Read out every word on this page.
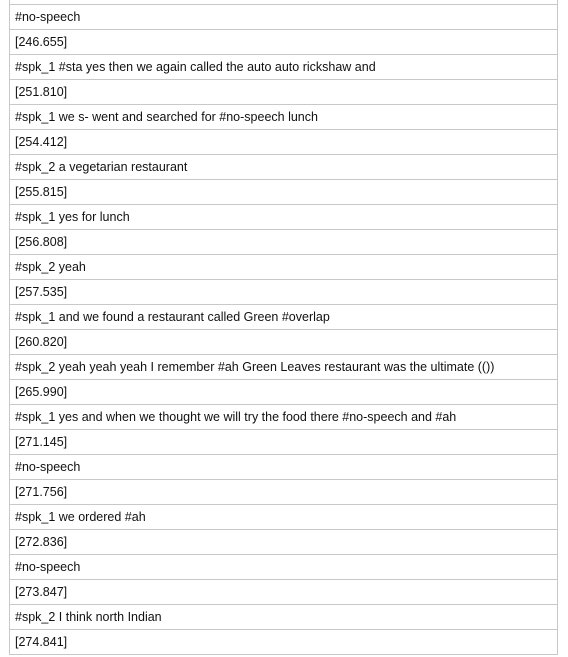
#no-speech
[246.655]
#spk_1 #sta yes then we again called the auto auto rickshaw and
[251.810]
#spk_1 we s- went and searched for #no-speech lunch
[254.412]
#spk_2 a vegetarian restaurant
[255.815]
#spk_1 yes for lunch
[256.808]
#spk_2 yeah
[257.535]
#spk_1 and we found a restaurant called Green #overlap
[260.820]
#spk_2 yeah yeah yeah I remember #ah Green Leaves restaurant was the ultimate (())
[265.990]
#spk_1 yes and when we thought we will try the food there #no-speech and #ah
[271.145]
#no-speech
[271.756]
#spk_1 we ordered #ah
[272.836]
#no-speech
[273.847]
#spk_2 I think north Indian
[274.841]
